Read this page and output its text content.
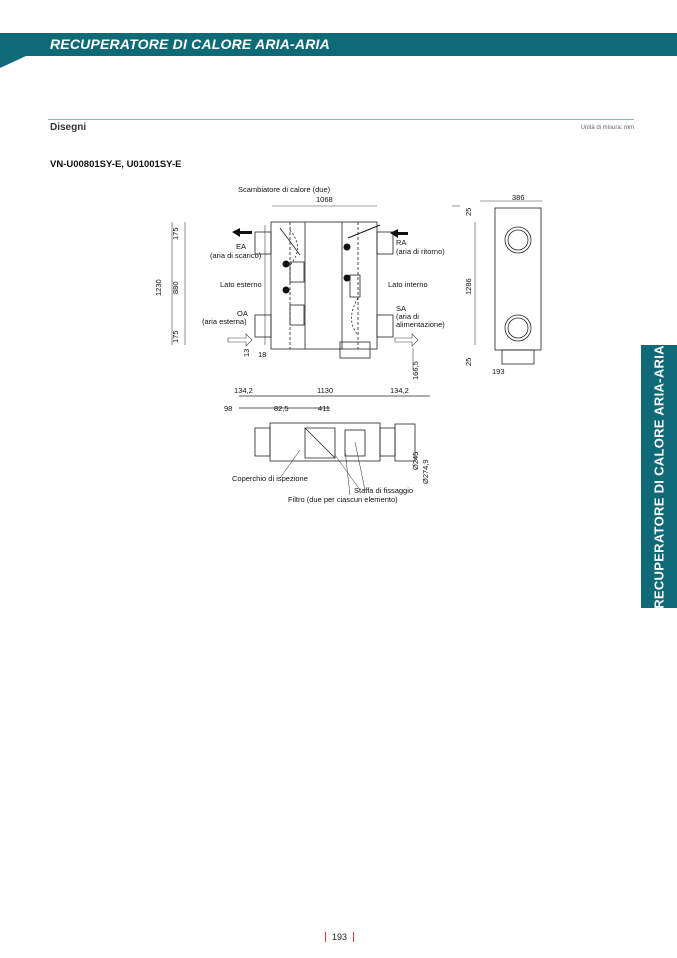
RECUPERATORE DI CALORE ARIA-ARIA
Disegni	Unità di misura: mm
VN-U00801SY-E, U01001SY-E
Scambiatore di calore (due)
1068	386
EA
(aria di scarico)
RA
(aria di ritorno)
Lato esterno	Lato interno
OA
(aria esterna)
SA
(aria di
alimentazione)
18
193
134,2	1130	134,2
98	82,5	411
Coperchio di ispezione
Staffa di fissaggio
Filtro (due per ciascun elemento)
175
175
1230 880
13
166,5
25
25
1286
Ø245 Ø274,9	RECUPERATORE DI CALORE ARIA-ARIA
193
